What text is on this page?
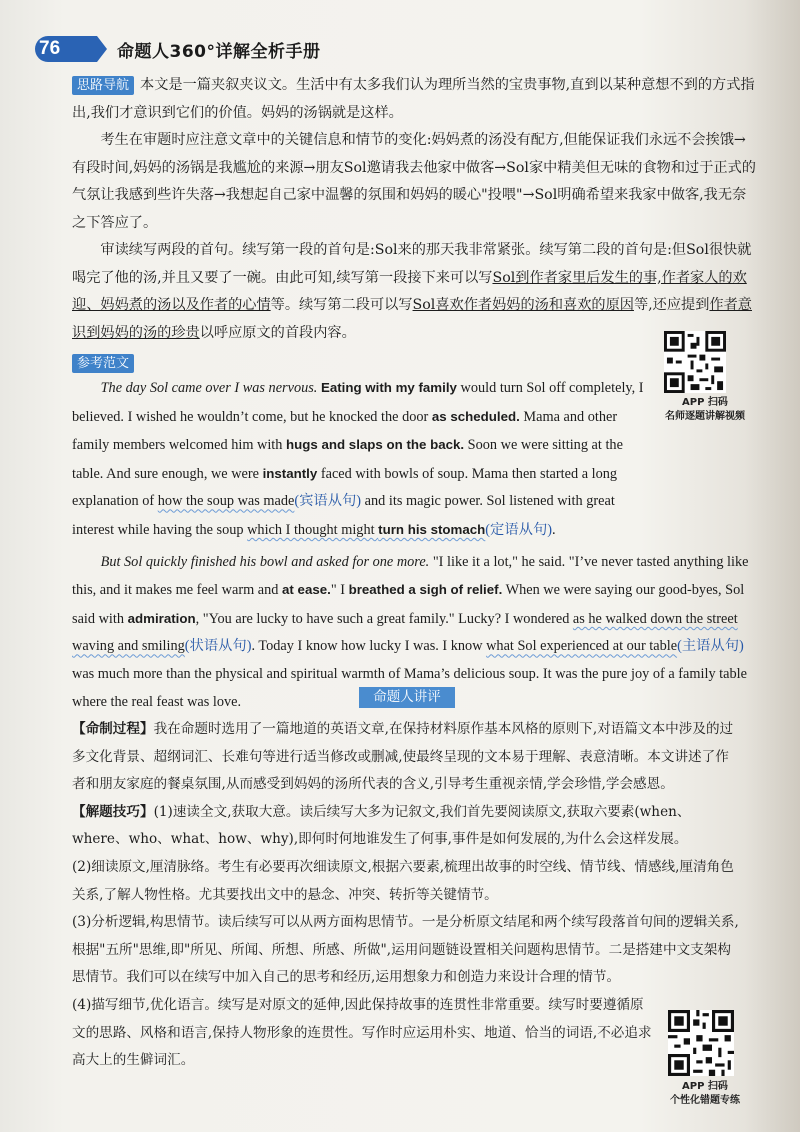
76	命题人360°详解全析手册

思路导航 本文是一篇夹叙夹议文。生活中有太多我们认为理所当然的宝贵事物,直到以某种意想不到的方式指出,我们才意识到它们的价值。妈妈的汤锅就是这样。

考生在审题时应注意文章中的关键信息和情节的变化:妈妈煮的汤没有配方,但能保证我们永远不会挨饿→有段时间,妈妈的汤锅是我尴尬的来源→朋友Sol邀请我去他家中做客→Sol家中精美但无味的食物和过于正式的气氛让我感到些许失落→我想起自己家中温馨的氛围和妈妈的暖心"投喂"→Sol明确希望来我家中做客,我无奈之下答应了。

审读续写两段的首句。续写第一段的首句是:Sol来的那天我非常紧张。续写第二段的首句是:但Sol很快就喝完了他的汤,并且又要了一碗。由此可知,续写第一段接下来可以写Sol到作者家里后发生的事,作者家人的欢迎、妈妈煮的汤以及作者的心情等。续写第二段可以写Sol喜欢作者妈妈的汤和喜欢的原因等,还应提到作者意识到妈妈的汤的珍贵以呼应原文的首段内容。

APP 扫码
名师逐题讲解视频

参考范文

The day Sol came over I was nervous. Eating with my family would turn Sol off completely, I believed. I wished he wouldn’t come, but he knocked the door as scheduled. Mama and other family members welcomed him with hugs and slaps on the back. Soon we were sitting at the table. And sure enough, we were instantly faced with bowls of soup. Mama then started a long explanation of how the soup was made(宾语从句) and its magic power. Sol listened with great interest while having the soup which I thought might turn his stomach(定语从句).

But Sol quickly finished his bowl and asked for one more. "I like it a lot," he said. "I’ve never tasted anything like this, and it makes me feel warm and at ease." I breathed a sigh of relief. When we were saying our good-byes, Sol said with admiration, "You are lucky to have such a great family." Lucky? I wondered as he walked down the street waving and smiling(状语从句). Today I know how lucky I was. I know what Sol experienced at our table(主语从句) was much more than the physical and spiritual warmth of Mama’s delicious soup. It was the pure joy of a family table where the real feast was love.	命题人讲评

【命制过程】我在命题时选用了一篇地道的英语文章,在保持材料原作基本风格的原则下,对语篇文本中涉及的过多文化背景、超纲词汇、长难句等进行适当修改或删减,使最终呈现的文本易于理解、表意清晰。本文讲述了作者和朋友家庭的餐桌氛围,从而感受到妈妈的汤所代表的含义,引导考生重视亲情,学会珍惜,学会感恩。

【解题技巧】(1)速读全文,获取大意。读后续写大多为记叙文,我们首先要阅读原文,获取六要素(when、where、who、what、how、why),即何时何地谁发生了何事,事件是如何发展的,为什么会这样发展。

(2)细读原文,厘清脉络。考生有必要再次细读原文,根据六要素,梳理出故事的时空线、情节线、情感线,厘清角色关系,了解人物性格。尤其要找出文中的悬念、冲突、转折等关键情节。

(3)分析逻辑,构思情节。读后续写可以从两方面构思情节。一是分析原文结尾和两个续写段落首句间的逻辑关系,根据"五所"思维,即"所见、所闻、所想、所感、所做",运用问题链设置相关问题构思情节。二是搭建中文支架构思情节。我们可以在续写中加入自己的思考和经历,运用想象力和创造力来设计合理的情节。

(4)描写细节,优化语言。续写是对原文的延伸,因此保持故事的连贯性非常重要。续写时要遵循原文的思路、风格和语言,保持人物形象的连贯性。写作时应运用朴实、地道、恰当的词语,不必追求高大上的生僻词汇。

APP 扫码
个性化错题专练
